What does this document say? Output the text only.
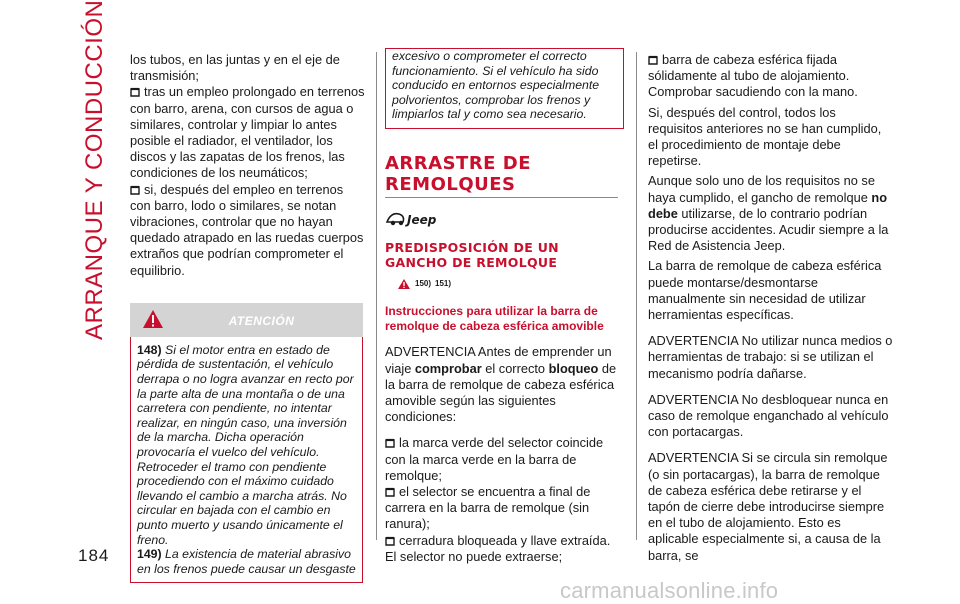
ARRANQUE Y CONDUCCIÓN
184

los tubos, en las juntas y en el eje de transmisión;

tras un empleo prolongado en terrenos con barro, arena, con cursos de agua o similares, controlar y limpiar lo antes posible el radiador, el ventilador, los discos y las zapatas de los frenos, las condiciones de los neumáticos;

si, después del empleo en terrenos con barro, lodo o similares, se notan vibraciones, controlar que no hayan quedado atrapado en las ruedas cuerpos extraños que podrían comprometer el equilibrio.

ATENCIÓN

148) Si el motor entra en estado de pérdida de sustentación, el vehículo derrapa o no logra avanzar en recto por la parte alta de una montaña o de una carretera con pendiente, no intentar realizar, en ningún caso, una inversión de la marcha. Dicha operación provocaría el vuelco del vehículo. Retroceder el tramo con pendiente procediendo con el máximo cuidado llevando el cambio a marcha atrás. No circular en bajada con el cambio en punto muerto y usando únicamente el freno.

149) La existencia de material abrasivo en los frenos puede causar un desgaste

excesivo o comprometer el correcto funcionamiento. Si el vehículo ha sido conducido en entornos especialmente polvorientos, comprobar los frenos y limpiarlos tal y como sea necesario.

ARRASTRE DE
REMOLQUES
Jeep
PREDISPOSICIÓN DE UN
GANCHO DE REMOLQUE
150) 151)
Instrucciones para utilizar la barra de remolque de cabeza esférica amovible

ADVERTENCIA Antes de emprender un viaje comprobar el correcto bloqueo de la barra de remolque de cabeza esférica amovible según las siguientes condiciones:

la marca verde del selector coincide con la marca verde en la barra de remolque;

el selector se encuentra a final de carrera en la barra de remolque (sin ranura);

cerradura bloqueada y llave extraída. El selector no puede extraerse;

barra de cabeza esférica fijada sólidamente al tubo de alojamiento. Comprobar sacudiendo con la mano.

Si, después del control, todos los requisitos anteriores no se han cumplido, el procedimiento de montaje debe repetirse.

Aunque solo uno de los requisitos no se haya cumplido, el gancho de remolque no debe utilizarse, de lo contrario podrían producirse accidentes. Acudir siempre a la Red de Asistencia Jeep.

La barra de remolque de cabeza esférica puede montarse/desmontarse manualmente sin necesidad de utilizar herramientas específicas.

ADVERTENCIA No utilizar nunca medios o herramientas de trabajo: si se utilizan el mecanismo podría dañarse.

ADVERTENCIA No desbloquear nunca en caso de remolque enganchado al vehículo con portacargas.

ADVERTENCIA Si se circula sin remolque (o sin portacargas), la barra de remolque de cabeza esférica debe retirarse y el tapón de cierre debe introducirse siempre en el tubo de alojamiento. Esto es aplicable especialmente si, a causa de la barra, se

carmanualsonline.info
